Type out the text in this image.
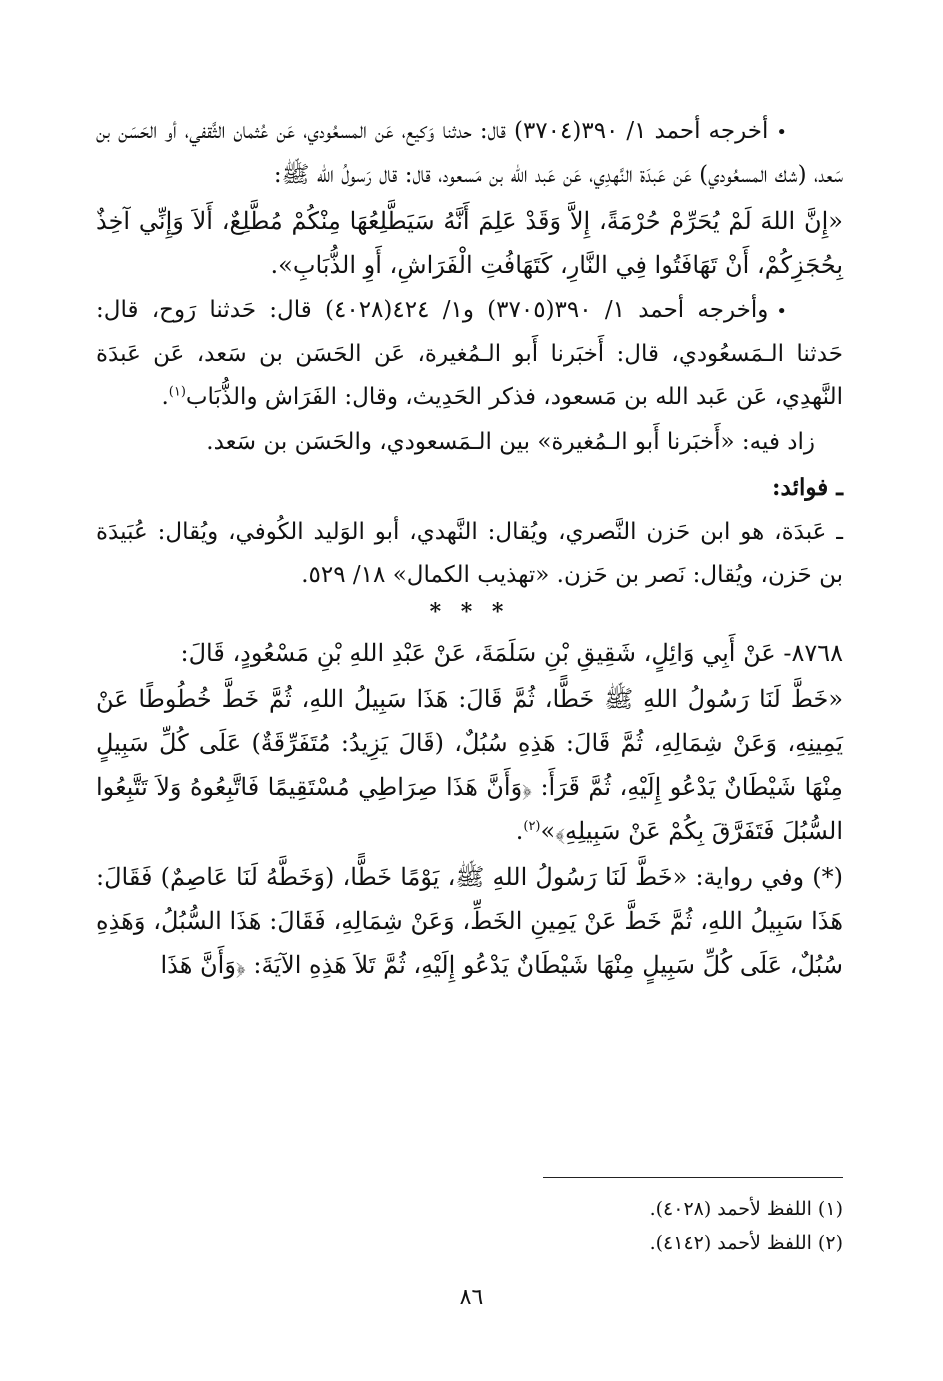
•أخرجه أحمد ١/ ٣٩٠(٣٧٠٤) قال: حدثنا وَكيع، عَن المسعُودي، عَن عُثمان الثَّقفي، أو الحَسَن بن سَعد، (شك المسعُودي) عَن عَبدَة النَّهدِي، عَن عَبد الله بن مَسعود، قال: قال رَسولُ الله ﷺ:

«إِنَّ اللهَ لَمْ يُحَرِّمْ حُرْمَةً، إِلاَّ وَقَدْ عَلِمَ أَنَّهُ سَيَطَّلِعُهَا مِنْكُمْ مُطَّلِعٌ، أَلاَ وَإِنِّي آخِذٌ بِحُجَزِكُمْ، أَنْ تَهَافَتُوا فِي النَّارِ، كَتَهَافُتِ الْفَرَاشِ، أَوِ الذُّبَابِ».

•وأخرجه أحمد ١/ ٣٩٠(٣٧٠٥) و١/ ٤٢٤(٤٠٢٨) قال: حَدثنا رَوح، قال: حَدثنا الـمَسعُودي، قال: أَخبَرنا أَبو الـمُغيرة، عَن الحَسَن بن سَعد، عَن عَبدَة النَّهدِي، عَن عَبد الله بن مَسعود، فذكر الحَدِيث، وقال: الفَرَاش والذُّبَاب$^{(١)}$.

زاد فيه: «أَخبَرنا أَبو الـمُغيرة» بين الـمَسعودي، والحَسَن بن سَعد.

ـ فوائد:

ـ عَبدَة، هو ابن حَزن النَّصري، ويُقال: النَّهدي، أبو الوَليد الكُوفي، ويُقال: عُبَيدَة بن حَزن، ويُقال: نَصر بن حَزن. «تهذيب الكمال» ١٨/ ٥٢٩.

* * *

٨٧٦٨- عَنْ أَبِي وَائِلٍ، شَقِيقِ بْنِ سَلَمَةَ، عَنْ عَبْدِ اللهِ بْنِ مَسْعُودٍ، قَالَ:

«خَطَّ لَنَا رَسُولُ اللهِ ﷺ خَطًّا، ثُمَّ قَالَ: هَذَا سَبِيلُ اللهِ، ثُمَّ خَطَّ خُطُوطًا عَنْ يَمِينِهِ، وَعَنْ شِمَالِهِ، ثُمَّ قَالَ: هَذِهِ سُبُلٌ، (قَالَ يَزِيدُ: مُتَفَرِّقَةٌ) عَلَى كُلِّ سَبِيلٍ مِنْهَا شَيْطَانٌ يَدْعُو إِلَيْهِ، ثُمَّ قَرَأَ: ﴿وَأَنَّ هَذَا صِرَاطِي مُسْتَقِيمًا فَاتَّبِعُوهُ وَلاَ تَتَّبِعُوا السُّبُلَ فَتَفَرَّقَ بِكُمْ عَنْ سَبِيلِهِ﴾»$^{(٢)}$.

(*) وفي رواية: «خَطَّ لَنَا رَسُولُ اللهِ ﷺ، يَوْمًا خَطًّا، (وَخَطَّهُ لَنَا عَاصِمٌ) فَقَالَ: هَذَا سَبِيلُ اللهِ، ثُمَّ خَطَّ عَنْ يَمِينِ الخَطِّ، وَعَنْ شِمَالِهِ، فَقَالَ: هَذَا السُّبُلُ، وَهَذِهِ سُبُلٌ، عَلَى كُلِّ سَبِيلٍ مِنْهَا شَيْطَانٌ يَدْعُو إِلَيْهِ، ثُمَّ تَلاَ هَذِهِ الآيَةَ: ﴿وَأَنَّ هَذَا

(١) اللفظ لأحمد (٤٠٢٨).
(٢) اللفظ لأحمد (٤١٤٢).
٨٦
